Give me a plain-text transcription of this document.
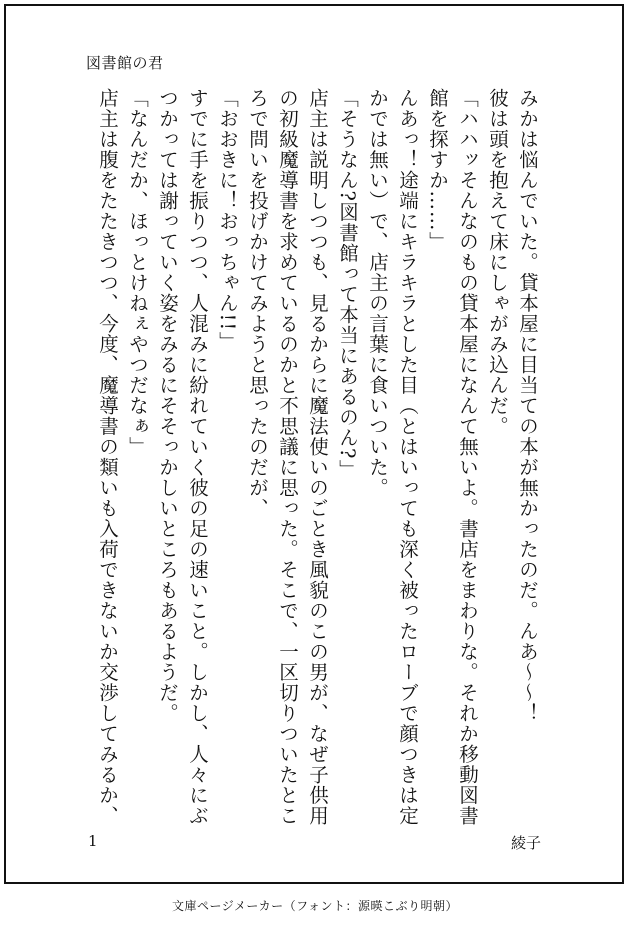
図書館の君
みかは悩んでいた。貸本屋に目当ての本が無かったのだ。んあ〜〜！
彼は頭を抱えて床にしゃがみ込んだ。
「ハハッそんなのもの貸本屋になんて無いよ。書店をまわりな。それか移動図書
館を探すか……」
んあっ！途端にキラキラとした目（とはいっても深く被ったローブで顔つきは定
かでは無い）で、店主の言葉に食いついた。
「そうなん?図書館って本当にあるのん?」
店主は説明しつつも、見るからに魔法使いのごとき風貌のこの男が、なぜ子供用
の初級魔導書を求めているのかと不思議に思った。そこで、一区切りついたとこ
ろで問いを投げかけてみようと思ったのだが、
「おおきに！おっちゃん!!」
すでに手を振りつつ、人混みに紛れていく彼の足の速いこと。しかし、人々にぶ
つかっては謝っていく姿をみるにそそっかしいところもあるようだ。
「なんだか、ほっとけねぇやつだなぁ」
店主は腹をたたきつつ、今度、魔導書の類いも入荷できないか交渉してみるか、
1	綾子
文庫ページメーカー（フォント：源暎こぶり明朝）
